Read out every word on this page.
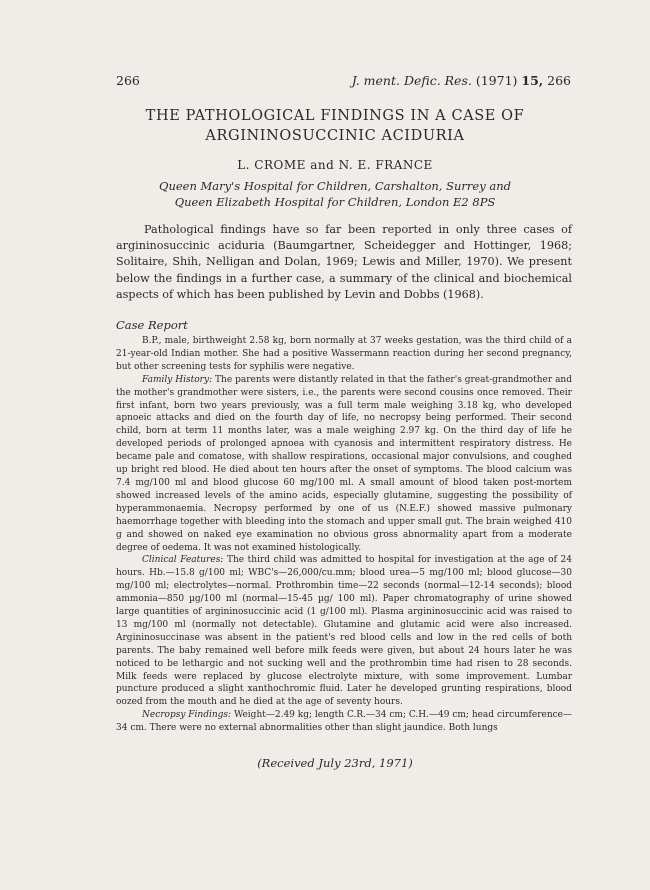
266	J. ment. Defic. Res. (1971) 15, 266
THE PATHOLOGICAL FINDINGS IN A CASE OF
ARGININOSUCCINIC ACIDURIA
L. CROME and N. E. FRANCE
Queen Mary's Hospital for Children, Carshalton, Surrey and
Queen Elizabeth Hospital for Children, London E2 8PS

Pathological findings have so far been reported in only three cases of argininosuccinic aciduria (Baumgartner, Scheidegger and Hottinger, 1968; Solitaire, Shih, Nelligan and Dolan, 1969; Lewis and Miller, 1970). We present below the findings in a further case, a summary of the clinical and biochemical aspects of which has been published by Levin and Dobbs (1968).

Case Report

B.P., male, birthweight 2.58 kg, born normally at 37 weeks gestation, was the third child of a 21-year-old Indian mother. She had a positive Wassermann reaction during her second pregnancy, but other screening tests for syphilis were negative.

Family History: The parents were distantly related in that the father's great-grandmother and the mother's grandmother were sisters, i.e., the parents were second cousins once removed. Their first infant, born two years previously, was a full term male weighing 3.18 kg, who developed apnoeic attacks and died on the fourth day of life, no necropsy being performed. Their second child, born at term 11 months later, was a male weighing 2.97 kg. On the third day of life he developed periods of prolonged apnoea with cyanosis and intermittent respiratory distress. He became pale and comatose, with shallow respirations, occasional major convulsions, and coughed up bright red blood. He died about ten hours after the onset of symptoms. The blood calcium was 7.4 mg/100 ml and blood glucose 60 mg/100 ml. A small amount of blood taken post-mortem showed increased levels of the amino acids, especially glutamine, suggesting the possibility of hyperammonaemia. Necropsy performed by one of us (N.E.F.) showed massive pulmonary haemorrhage together with bleeding into the stomach and upper small gut. The brain weighed 410 g and showed on naked eye examination no obvious gross abnormality apart from a moderate degree of oedema. It was not examined histologically.

Clinical Features: The third child was admitted to hospital for investigation at the age of 24 hours. Hb.—15.8 g/100 ml; WBC's—26,000/cu.mm; blood urea—5 mg/100 ml; blood glucose—30 mg/100 ml; electrolytes—normal. Prothrombin time—22 seconds (normal—12-14 seconds); blood ammonia—850 µg/100 ml (normal—15-45 µg/ 100 ml). Paper chromatography of urine showed large quantities of argininosuccinic acid (1 g/100 ml). Plasma argininosuccinic acid was raised to 13 mg/100 ml (normally not detectable). Glutamine and glutamic acid were also increased. Argininosuccinase was absent in the patient's red blood cells and low in the red cells of both parents. The baby remained well before milk feeds were given, but about 24 hours later he was noticed to be lethargic and not sucking well and the prothrombin time had risen to 28 seconds. Milk feeds were replaced by glucose electrolyte mixture, with some improvement. Lumbar puncture produced a slight xanthochromic fluid. Later he developed grunting respirations, blood oozed from the mouth and he died at the age of seventy hours.

Necropsy Findings: Weight—2.49 kg; length C.R.—34 cm; C.H.—49 cm; head circumference—34 cm. There were no external abnormalities other than slight jaundice. Both lungs

(Received July 23rd, 1971)
